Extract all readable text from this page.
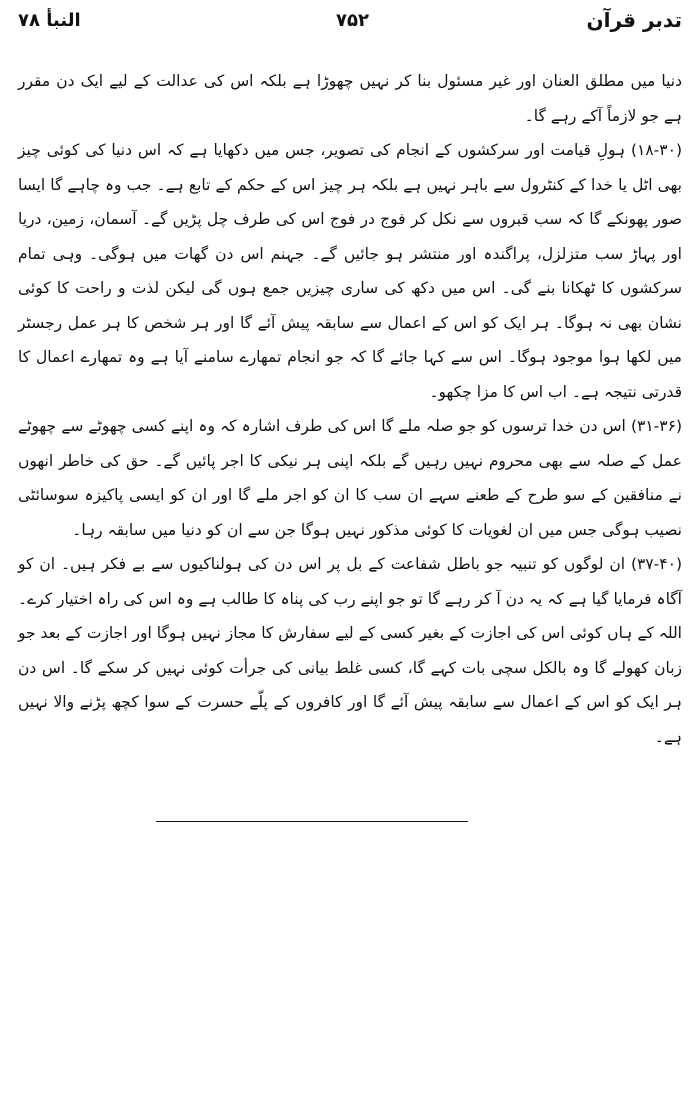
النبأ ٧٨	۷۵۲	تدبر قرآن

دنیا میں مطلق العنان اور غیر مسئول بنا کر نہیں چھوڑا ہے بلکہ اس کی عدالت کے لیے ایک دن مقرر ہے جو لازماً آکے رہے گا۔

(۱۸-۳۰) ہولِ قیامت اور سرکشوں کے انجام کی تصویر، جس میں دکھایا ہے کہ اس دنیا کی کوئی چیز بھی اٹل یا خدا کے کنٹرول سے باہر نہیں ہے بلکہ ہر چیز اس کے حکم کے تابع ہے۔ جب وہ چاہے گا ایسا صور پھونکے گا کہ سب قبروں سے نکل کر فوج در فوج اس کی طرف چل پڑیں گے۔ آسمان، زمین، دریا اور پہاڑ سب متزلزل، پراگندہ اور منتشر ہو جائیں گے۔ جہنم اس دن گھات میں ہوگی۔ وہی تمام سرکشوں کا ٹھکانا بنے گی۔ اس میں دکھ کی ساری چیزیں جمع ہوں گی لیکن لذت و راحت کا کوئی نشان بھی نہ ہوگا۔ ہر ایک کو اس کے اعمال سے سابقہ پیش آئے گا اور ہر شخص کا ہر عمل رجسٹر میں لکھا ہوا موجود ہوگا۔ اس سے کہا جائے گا کہ جو انجام تمھارے سامنے آیا ہے وہ تمھارے اعمال کا قدرتی نتیجہ ہے۔ اب اس کا مزا چکھو۔

(۳۱-۳۶) اس دن خدا ترسوں کو جو صلہ ملے گا اس کی طرف اشارہ کہ وہ اپنے کسی چھوٹے سے چھوٹے عمل کے صلہ سے بھی محروم نہیں رہیں گے بلکہ اپنی ہر نیکی کا اجر پائیں گے۔ حق کی خاطر انھوں نے منافقین کے سو طرح کے طعنے سہے ان سب کا ان کو اجر ملے گا اور ان کو ایسی پاکیزہ سوسائٹی نصیب ہوگی جس میں ان لغویات کا کوئی مذکور نہیں ہوگا جن سے ان کو دنیا میں سابقہ رہا۔

(۳۷-۴۰) ان لوگوں کو تنبیہ جو باطل شفاعت کے بل پر اس دن کی ہولناکیوں سے بے فکر ہیں۔ ان کو آگاہ فرمایا گیا ہے کہ یہ دن آ کر رہے گا تو جو اپنے رب کی پناہ کا طالب ہے وہ اس کی راہ اختیار کرے۔ اللہ کے ہاں کوئی اس کی اجازت کے بغیر کسی کے لیے سفارش کا مجاز نہیں ہوگا اور اجازت کے بعد جو زبان کھولے گا وہ بالکل سچی بات کہے گا، کسی غلط بیانی کی جرأت کوئی نہیں کر سکے گا۔ اس دن ہر ایک کو اس کے اعمال سے سابقہ پیش آئے گا اور کافروں کے پلّے حسرت کے سوا کچھ پڑنے والا نہیں ہے۔
